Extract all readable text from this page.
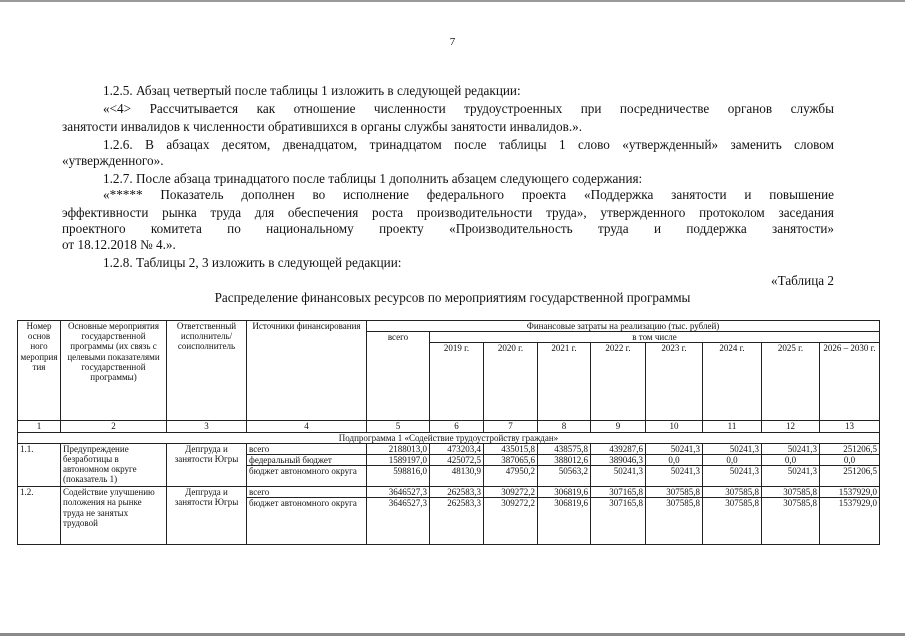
7
1.2.5. Абзац четвертый после таблицы 1 изложить в следующей редакции:
«<4> Рассчитывается как отношение численности трудоустроенных при посредничестве органов службы
занятости инвалидов к численности обратившихся в органы службы занятости инвалидов.».
1.2.6. В абзацах десятом, двенадцатом, тринадцатом после таблицы 1 слово «утвержденный» заменить словом
«утвержденного».
1.2.7. После абзаца тринадцатого после таблицы 1 дополнить абзацем следующего содержания:
«***** Показатель дополнен во исполнение федерального проекта «Поддержка занятости и повышение
эффективности рынка труда для обеспечения роста производительности труда», утвержденного протоколом заседания
проектного комитета по национальному проекту «Производительность труда и поддержка занятости»
от 18.12.2018 № 4.».
1.2.8. Таблицы 2, 3 изложить в следующей редакции:
«Таблица 2
Распределение финансовых ресурсов по мероприятиям государственной программы
Номер основ ного мероприя тия	Основные мероприятия государственной программы (их связь с целевыми показателями государственной программы)	Ответственный исполнитель/ соисполнитель	Источники финансирования	Финансовые затраты на реализацию (тыс. рублей)								
				всего	в том числе							
					2019 г.	2020 г.	2021 г.	2022 г.	2023 г.	2024 г.	2025 г.	2026 – 2030 г.
1	2	3	4	5	6	7	8	9	10	11	12	13
Подпрограмма 1 «Содействие трудоустройству граждан»												
1.1.	Предупреждение безработицы в автономном округе (показатель 1)	Депгруда и занятости Югры	всего	2188013,0	473203,4	435015,8	438575,8	439287,6	50241,3	50241,3	50241,3	251206,5
			федеральный бюджет	1589197,0	425072,5	387065,6	388012,6	389046,3	0,0	0,0	0,0	0,0
			бюджет автономного округа	598816,0	48130,9	47950,2	50563,2	50241,3	50241,3	50241,3	50241,3	251206,5
1.2.	Содействие улучшению положения на рынке труда не занятых трудовой	Депгруда и занятости Югры	всего	3646527,3	262583,3	309272,2	306819,6	307165,8	307585,8	307585,8	307585,8	1537929,0
			бюджет автономного округа	3646527,3	262583,3	309272,2	306819,6	307165,8	307585,8	307585,8	307585,8	1537929,0
